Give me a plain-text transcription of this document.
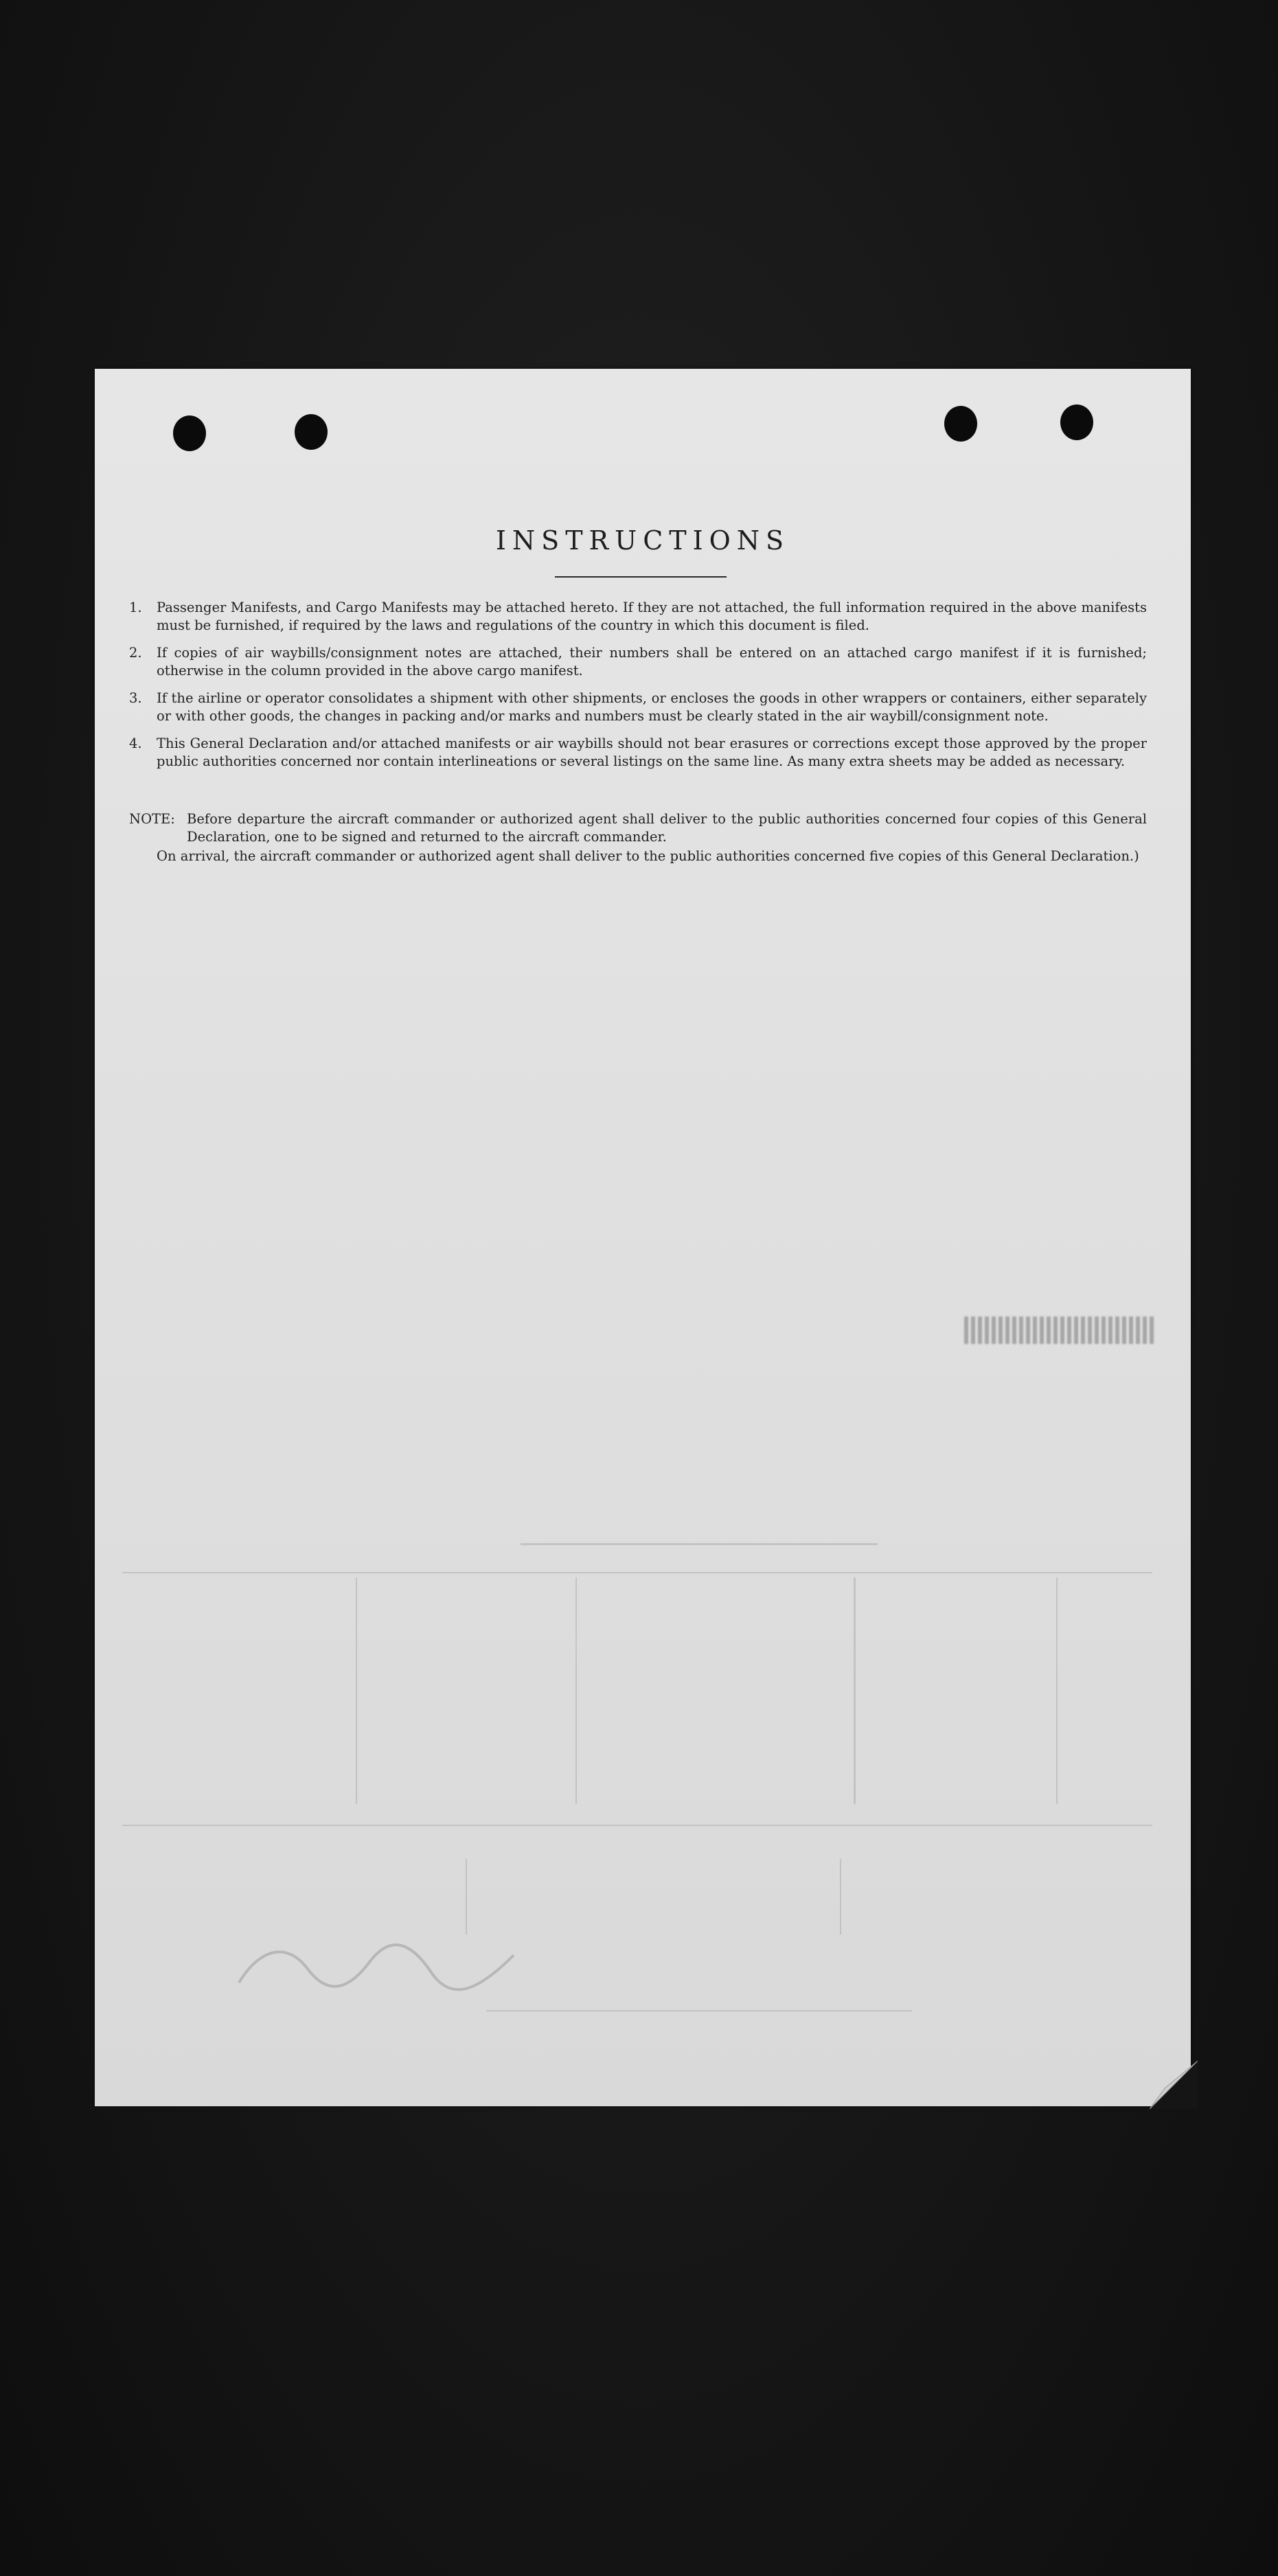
INSTRUCTIONS
1.	Passenger Manifests, and Cargo Manifests may be attached hereto. If they are not attached, the full information required in the above manifests must be furnished, if required by the laws and regulations of the country in which this document is filed.
2.	If copies of air waybills/consignment notes are attached, their numbers shall be entered on an attached cargo manifest if it is furnished; otherwise in the column provided in the above cargo manifest.
3.	If the airline or operator consolidates a shipment with other shipments, or encloses the goods in other wrappers or containers, either separately or with other goods, the changes in packing and/or marks and numbers must be clearly stated in the air waybill/consignment note.
4.	This General Declaration and/or attached manifests or air waybills should not bear erasures or corrections except those approved by the proper public authorities concerned nor contain interlineations or several listings on the same line. As many extra sheets may be added as necessary.
NOTE: Before departure the aircraft commander or authorized agent shall deliver to the public authorities concerned four copies of this General Declaration, one to be signed and returned to the aircraft commander.
On arrival, the aircraft commander or authorized agent shall deliver to the public authorities concerned five copies of this General Declaration.)
